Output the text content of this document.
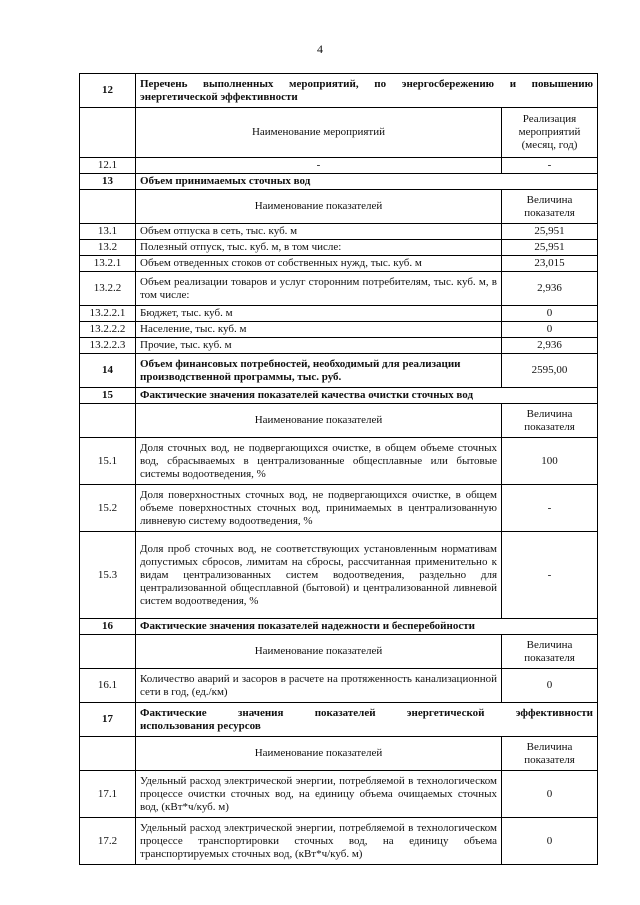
4
12	Перечень выполненных мероприятий, по энергосбережению и повышению энергетической эффективности	
	Наименование мероприятий	Реализация мероприятий (месяц, год)
12.1	-	-
13	Объем принимаемых сточных вод	
	Наименование показателей	Величина показателя
13.1	Объем отпуска в сеть, тыс. куб. м	25,951
13.2	Полезный отпуск, тыс. куб. м, в том числе:	25,951
13.2.1	Объем отведенных стоков от собственных нужд, тыс. куб. м	23,015
13.2.2	Объем реализации товаров и услуг сторонним потребителям, тыс. куб. м, в том числе:	2,936
13.2.2.1	Бюджет, тыс. куб. м	0
13.2.2.2	Население, тыс. куб. м	0
13.2.2.3	Прочие, тыс. куб. м	2,936
14	Объем финансовых потребностей, необходимый для реализации производственной программы, тыс. руб.	2595,00
15	Фактические значения показателей качества очистки сточных вод	
	Наименование показателей	Величина показателя
15.1	Доля сточных вод, не подвергающихся очистке, в общем объеме сточных вод, сбрасываемых в централизованные общесплавные или бытовые системы водоотведения, %	100
15.2	Доля поверхностных сточных вод, не подвергающихся очистке, в общем объеме поверхностных сточных вод, принимаемых в централизованную ливневую систему водоотведения, %	-
15.3	Доля проб сточных вод, не соответствующих установленным нормативам допустимых сбросов, лимитам на сбросы, рассчитанная применительно к видам централизованных систем водоотведения, раздельно для централизованной общесплавной (бытовой) и централизованной ливневой систем водоотведения, %	-
16	Фактические значения показателей надежности и бесперебойности	
	Наименование показателей	Величина показателя
16.1	Количество аварий и засоров в расчете на протяженность канализационной сети в год, (ед./км)	0
17	Фактические значения показателей энергетической эффективности
использования ресурсов	

	Наименование показателей	Величина показателя
17.1	Удельный расход электрической энергии, потребляемой в технологическом процессе очистки сточных вод, на единицу объема очищаемых сточных вод, (кВт*ч/куб. м)	0
17.2	Удельный расход электрической энергии, потребляемой в технологическом процессе транспортировки сточных вод, на единицу объема транспортируемых сточных вод, (кВт*ч/куб. м)	0
